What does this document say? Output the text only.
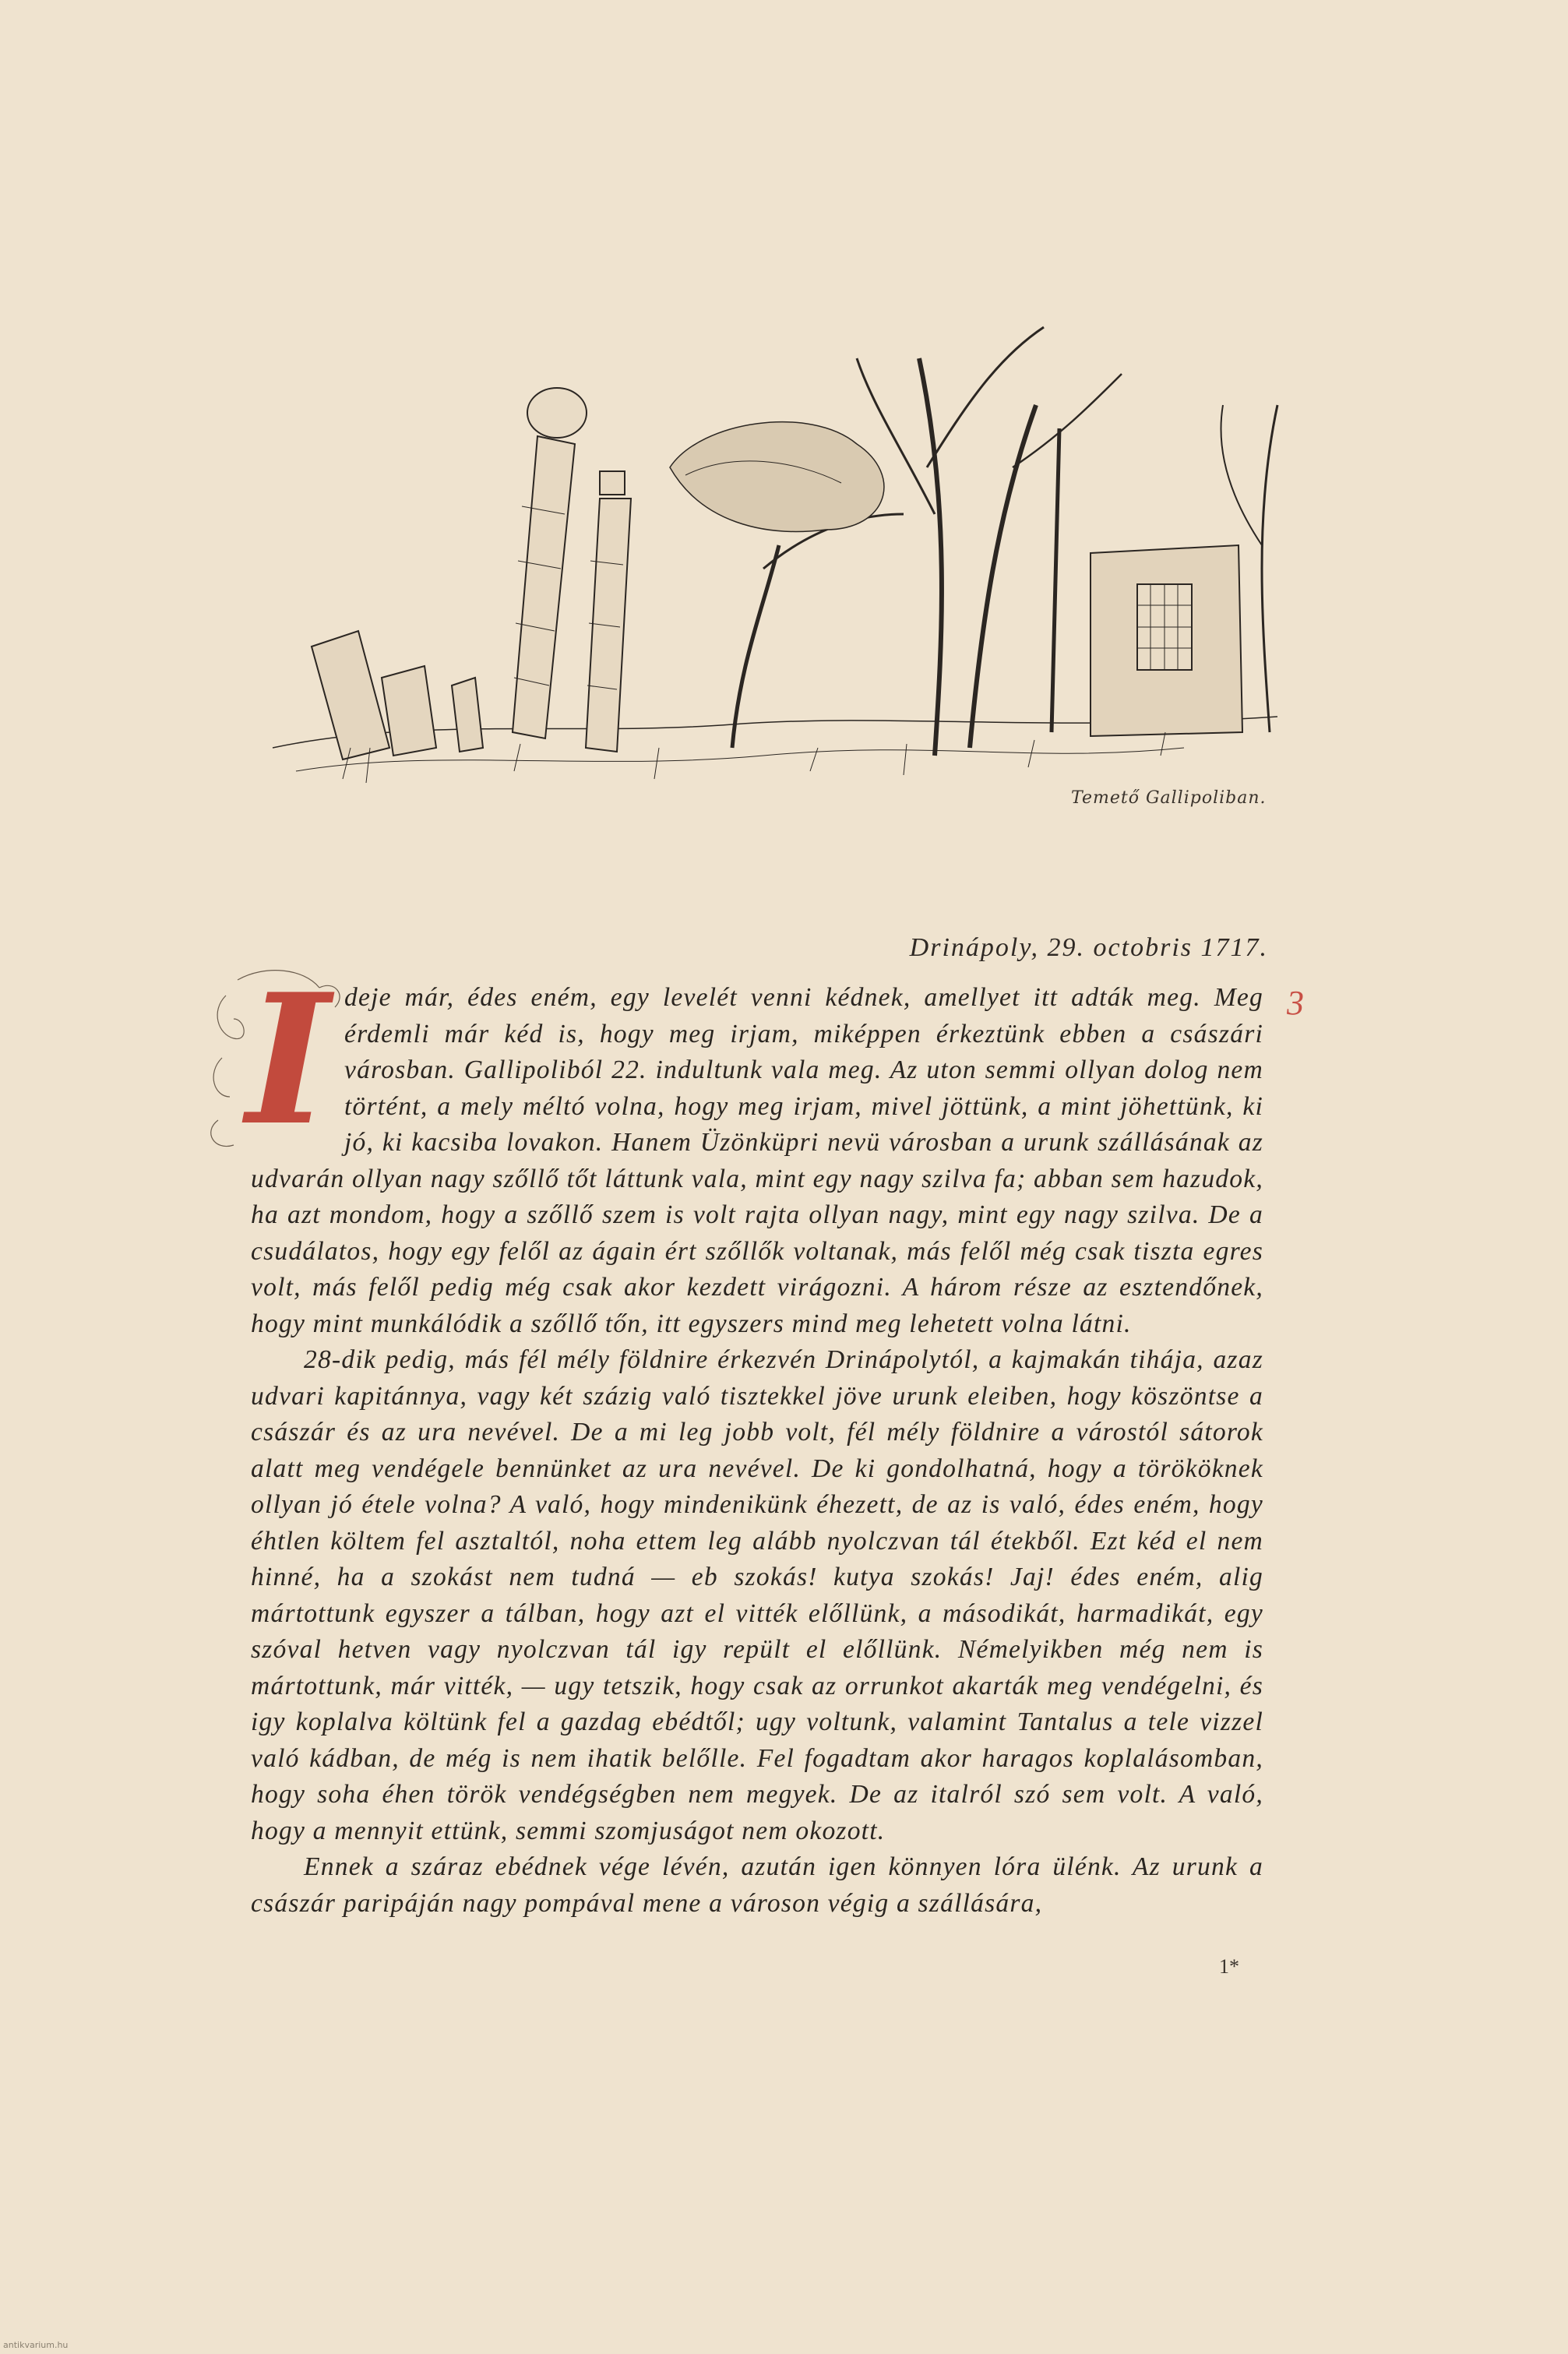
Temető Gallipoliban.
Drinápoly, 29. octobris 1717.
3
I deje már, édes eném, egy levelét venni kédnek, amellyet itt adták meg. Meg érdemli már kéd is, hogy meg irjam, miképpen érkeztünk ebben a császári városban. Gallipoliból 22. indultunk vala meg. Az uton semmi ollyan dolog nem történt, a mely méltó volna, hogy meg irjam, mivel jöttünk, a mint jöhettünk, ki jó, ki kacsiba lovakon. Hanem Üzönküpri nevü városban a urunk szállásának az udvarán ollyan nagy szőllő tőt láttunk vala, mint egy nagy szilva fa; abban sem hazudok, ha azt mondom, hogy a szőllő szem is volt rajta ollyan nagy, mint egy nagy szilva. De a csudálatos, hogy egy felől az ágain ért szőllők voltanak, más felől még csak tiszta egres volt, más felől pedig még csak akor kezdett virágozni. A három része az esztendőnek, hogy mint munkálódik a szőllő tőn, itt egyszers mind meg lehetett volna látni.

28-dik pedig, más fél mély földnire érkezvén Drinápolytól, a kajmakán tihája, azaz udvari kapitánnya, vagy két százig való tisztekkel jöve urunk eleiben, hogy köszöntse a császár és az ura nevével. De a mi leg jobb volt, fél mély földnire a várostól sátorok alatt meg vendégele bennünket az ura nevével. De ki gondolhatná, hogy a törököknek ollyan jó étele volna? A való, hogy mindenikünk éhezett, de az is való, édes eném, hogy éhtlen költem fel asztaltól, noha ettem leg alább nyolczvan tál étekből. Ezt kéd el nem hinné, ha a szokást nem tudná — eb szokás! kutya szokás! Jaj! édes eném, alig mártottunk egyszer a tálban, hogy azt el vitték előllünk, a másodikát, harmadikát, egy szóval hetven vagy nyolczvan tál igy repült el előllünk. Némelyikben még nem is mártottunk, már vitték, — ugy tetszik, hogy csak az orrunkot akarták meg vendégelni, és igy koplalva költünk fel a gazdag ebédtől; ugy voltunk, valamint Tantalus a tele vizzel való kádban, de még is nem ihatik belőlle. Fel fogadtam akor haragos koplalásomban, hogy soha éhen török vendégségben nem megyek. De az italról szó sem volt. A való, hogy a mennyit ettünk, semmi szomjuságot nem okozott.

Ennek a száraz ebédnek vége lévén, azután igen könnyen lóra ülénk. Az urunk a császár paripáján nagy pompával mene a városon végig a szállására,

1*
antikvarium.hu
